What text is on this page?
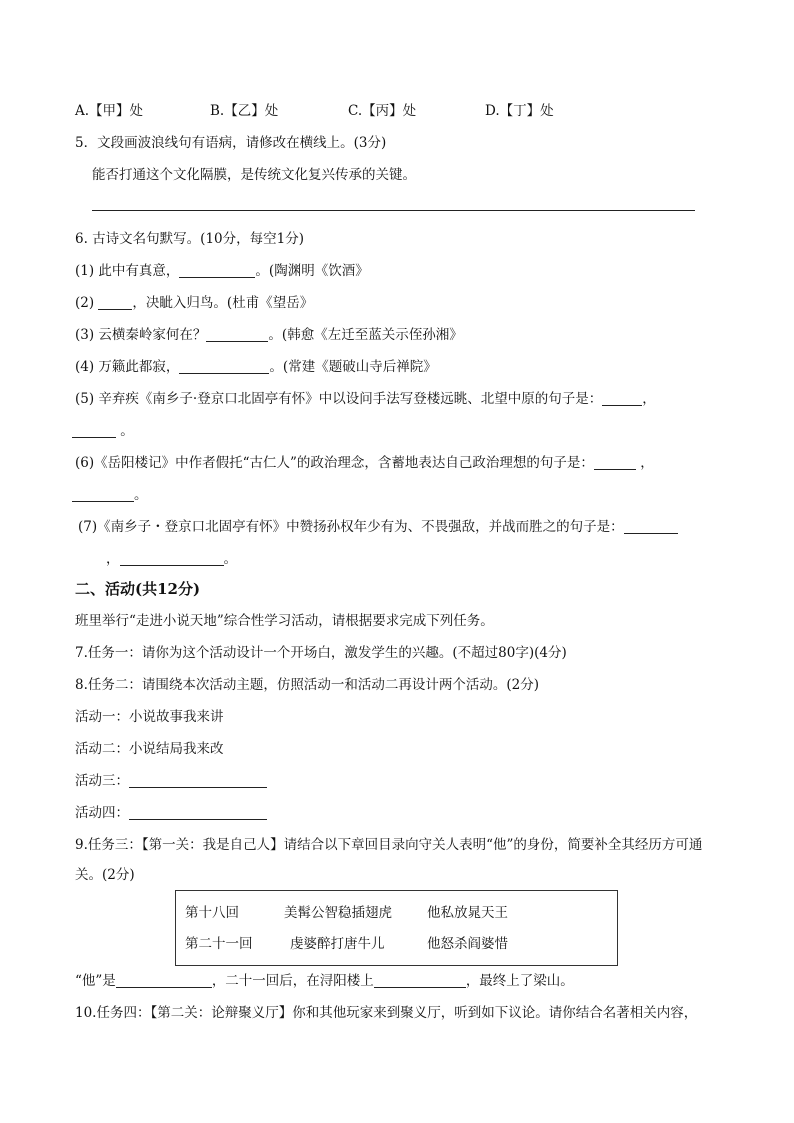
A.【甲】处	B.【乙】处	C.【丙】处	D.【丁】处
5．文段画波浪线句有语病，请修改在横线上。(3分)
能否打通这个文化隔膜，是传统文化复兴传承的关键。
6. 古诗文名句默写。(10分，每空1分)
(1) 此中有真意，	。(陶渊明《饮酒》
(2)	，决眦入归鸟。(杜甫《望岳》
(3) 云横秦岭家何在？	。(韩愈《左迁至蓝关示侄孙湘》
(4) 万籁此都寂，	。(常建《题破山寺后禅院》
(5) 辛弃疾《南乡子·登京口北固亭有怀》中以设问手法写登楼远眺、北望中原的句子是：	，
。
(6)《岳阳楼记》中作者假托“古仁人”的政治理念，含蓄地表达自己政治理想的句子是：	，
。
(7)《南乡子・登京口北固亭有怀》中赞扬孙权年少有为、不畏强敌，并战而胜之的句子是：
，	。
二、活动(共12分)
班里举行“走进小说天地”综合性学习活动，请根据要求完成下列任务。
7.任务一：请你为这个活动设计一个开场白，激发学生的兴趣。(不超过80字)(4分)
8.任务二：请围绕本次活动主题，仿照活动一和活动二再设计两个活动。(2分)
活动一：小说故事我来讲
活动二：小说结局我来改
活动三：
活动四：
9.任务三：【第一关：我是自己人】请结合以下章回目录向守关人表明“他”的身份，简要补全其经历方可通
关。(2分)
第十八回	美髯公智稳插翅虎	他私放晁天王
第二十一回	虔婆醉打唐牛儿	他怒杀阎婆惜
“他”是	，二十一回后，在浔阳楼上	，最终上了梁山。
10.任务四：【第二关：论辩聚义厅】你和其他玩家来到聚义厅，听到如下议论。请你结合名著相关内容，
